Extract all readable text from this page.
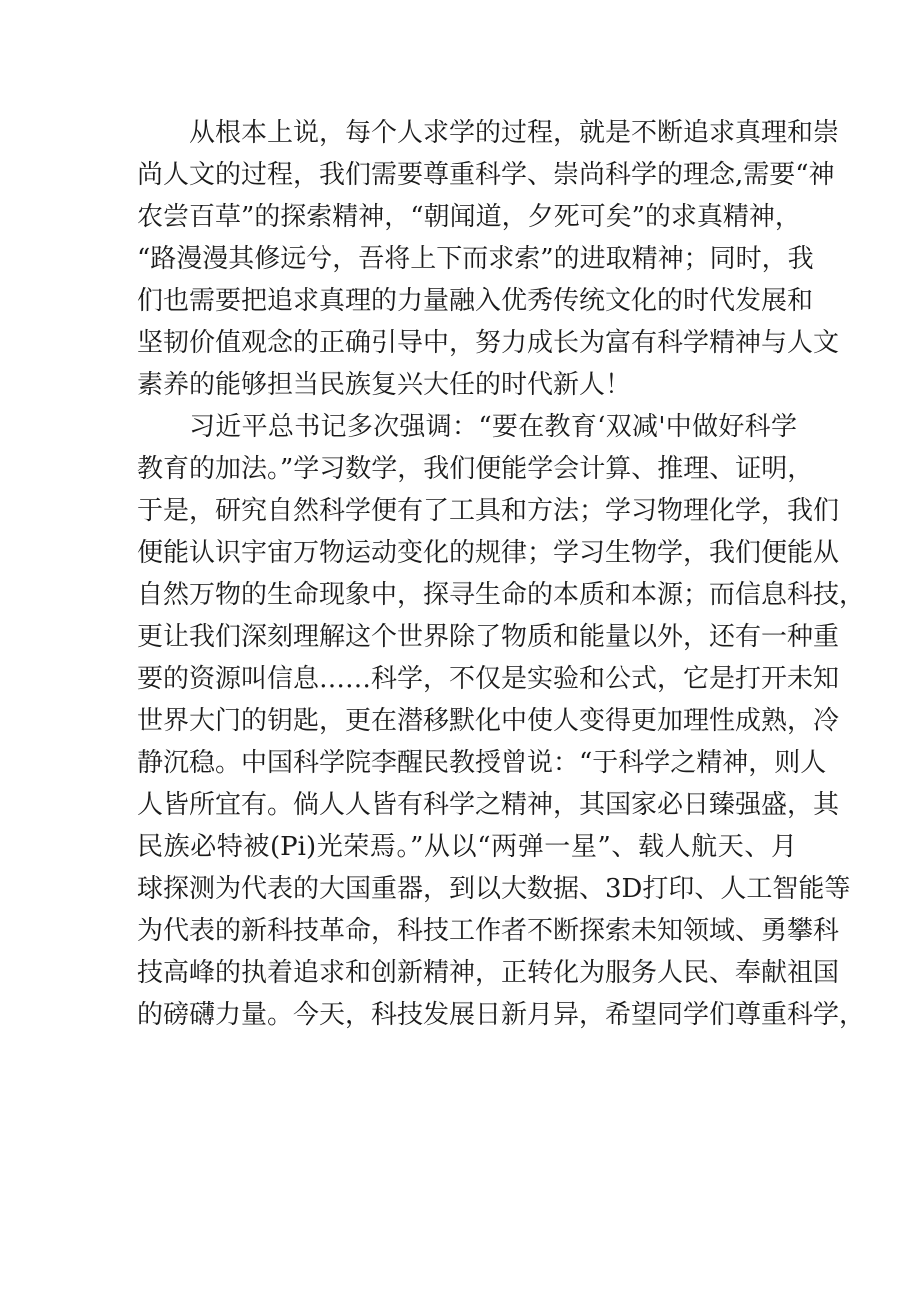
从根本上说，每个人求学的过程，就是不断追求真理和崇
尚人文的过程，我们需要尊重科学、崇尚科学的理念,需要“神
农尝百草”的探索精神，“朝闻道，夕死可矣”的求真精神，
“路漫漫其修远兮，吾将上下而求索”的进取精神；同时，我
们也需要把追求真理的力量融入优秀传统文化的时代发展和
坚韧价值观念的正确引导中，努力成长为富有科学精神与人文
素养的能够担当民族复兴大任的时代新人！
习近平总书记多次强调：“要在教育‘双减'中做好科学
教育的加法。”学习数学，我们便能学会计算、推理、证明，
于是，研究自然科学便有了工具和方法；学习物理化学，我们
便能认识宇宙万物运动变化的规律；学习生物学，我们便能从
自然万物的生命现象中，探寻生命的本质和本源；而信息科技，
更让我们深刻理解这个世界除了物质和能量以外，还有一种重
要的资源叫信息……科学，不仅是实验和公式，它是打开未知
世界大门的钥匙，更在潜移默化中使人变得更加理性成熟，冷
静沉稳。中国科学院李醒民教授曾说：“于科学之精神，则人
人皆所宜有。倘人人皆有科学之精神，其国家必日臻强盛，其
民族必特被(Pi)光荣焉。”从以“两弹一星”、载人航天、月
球探测为代表的大国重器，到以大数据、3D打印、人工智能等
为代表的新科技革命，科技工作者不断探索未知领域、勇攀科
技高峰的执着追求和创新精神，正转化为服务人民、奉献祖国
的磅礴力量。今天，科技发展日新月异，希望同学们尊重科学，
